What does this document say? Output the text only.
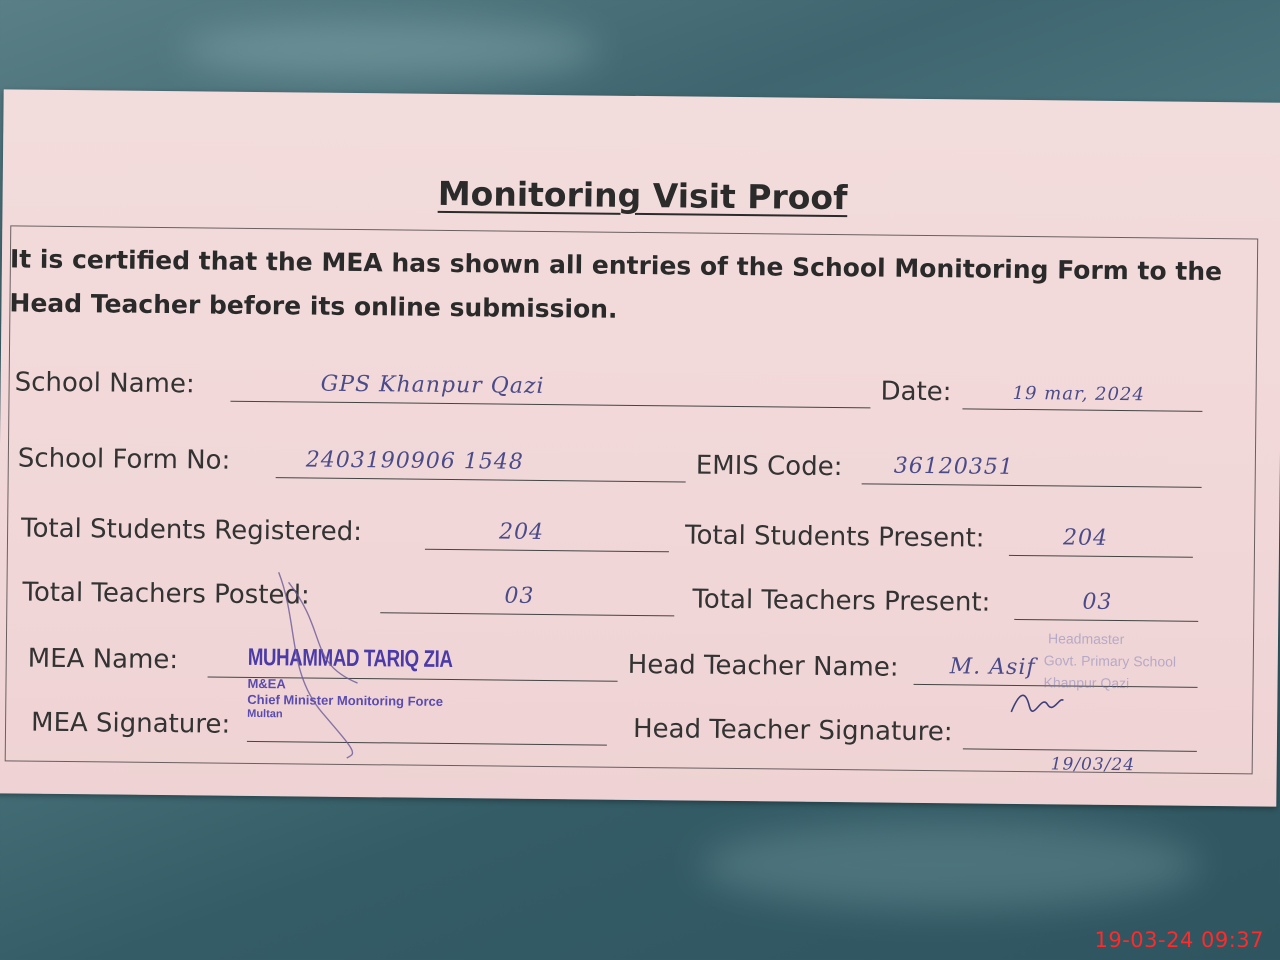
Monitoring Visit Proof
It is certified that the MEA has shown all entries of the School Monitoring Form to the Head Teacher before its online submission.
School Name:	GPS Khanpur Qazi	Date:	19 mar, 2024
School Form No:	2403190906 1548	EMIS Code: 36120351
Total Students Registered:	204	Total Students Present:	204
Total Teachers Posted:	03	Total Teachers Present:	03
MEA Name:	MUHAMMAD TARIQ ZIA	Head Teacher Name: M. Asif
M&EA
Chief Minister Monitoring Force
Multan
Headmaster
Govt. Primary School
Khanpur Qazi
MEA Signature:	Head Teacher Signature:
19/03/24
19-03-24 09:37
